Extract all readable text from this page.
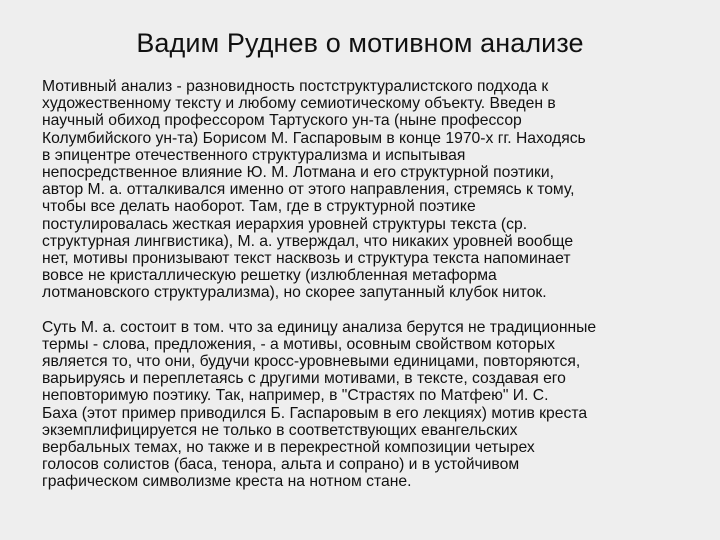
Вадим Руднев о мотивном анализе

Мотивный анализ - разновидность постструктуралистского подхода к
художественному тексту и любому семиотическому объекту. Введен в
научный обиход профессором Тартуского ун-та (ныне профессор
Колумбийского ун-та) Борисом М. Гаспаровым в конце 1970-х гг. Находясь
в эпицентре отечественного структурализма и испытывая
непосредственное влияние Ю. М. Лотмана и его структурной поэтики,
автор М. а. отталкивался именно от этого направления, стремясь к тому,
чтобы все делать наоборот. Там, где в структурной поэтике
постулировалась жесткая иерархия уровней структуры текста (ср.
структурная лингвистика), М. а. утверждал, что никаких уровней вообще
нет, мотивы пронизывают текст насквозь и структура текста напоминает
вовсе не кристаллическую решетку (излюбленная метаформа
лотмановского структурализма), но скорее запутанный клубок ниток.

Суть М. а. состоит в том. что за единицу анализа берутся не традиционные
термы - слова, предложения, - а мотивы, осовным свойством которых
является то, что они, будучи кросс-уровневыми единицами, повторяются,
варьируясь и переплетаясь с другими мотивами, в тексте, создавая его
неповторимую поэтику. Так, например, в "Страстях по Матфею" И. С.
Баха (этот пример приводился Б. Гаспаровым в его лекциях) мотив креста
экземплифицируется не только в соответствующих евангельских
вербальных темах, но также и в перекрестной композиции четырех
голосов солистов (баса, тенора, альта и сопрано) и в устойчивом
графическом символизме креста на нотном стане.
